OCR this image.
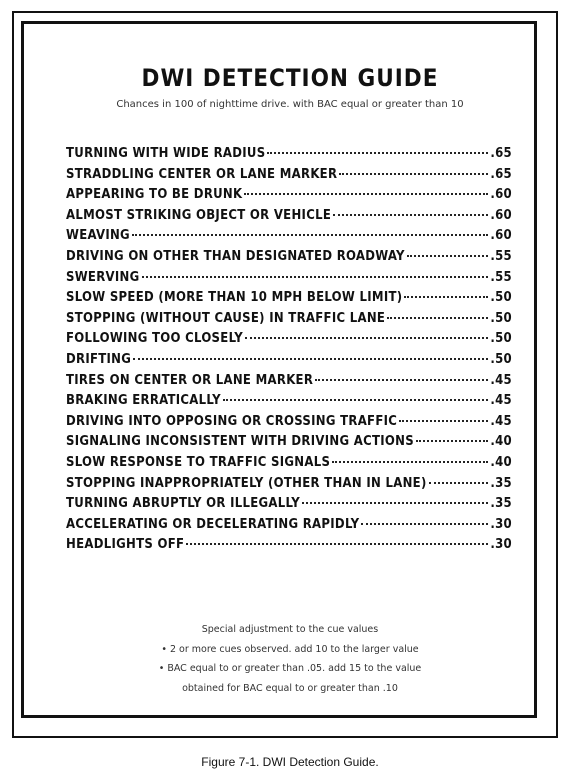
DWI DETECTION GUIDE
Chances in 100 of nighttime drive. with BAC equal or greater than 10
TURNING WITH WIDE RADIUS	.65
STRADDLING CENTER OR LANE MARKER	.65
APPEARING TO BE DRUNK	.60
ALMOST STRIKING OBJECT OR VEHICLE	.60
WEAVING	.60
DRIVING ON OTHER THAN DESIGNATED ROADWAY	.55
SWERVING	.55
SLOW SPEED (MORE THAN 10 MPH BELOW LIMIT)	.50
STOPPING (WITHOUT CAUSE) IN TRAFFIC LANE	.50
FOLLOWING TOO CLOSELY	.50
DRIFTING	.50
TIRES ON CENTER OR LANE MARKER	.45
BRAKING ERRATICALLY	.45
DRIVING INTO OPPOSING OR CROSSING TRAFFIC	.45
SIGNALING INCONSISTENT WITH DRIVING ACTIONS	.40
SLOW RESPONSE TO TRAFFIC SIGNALS	.40
STOPPING INAPPROPRIATELY (OTHER THAN IN LANE)	.35
TURNING ABRUPTLY OR ILLEGALLY	.35
ACCELERATING OR DECELERATING RAPIDLY	.30
HEADLIGHTS OFF	.30
Special adjustment to the cue values
• 2 or more cues observed. add 10 to the larger value
• BAC equal to or greater than .05. add 15 to the value
obtained for BAC equal to or greater than .10
Figure 7-1. DWI Detection Guide.
